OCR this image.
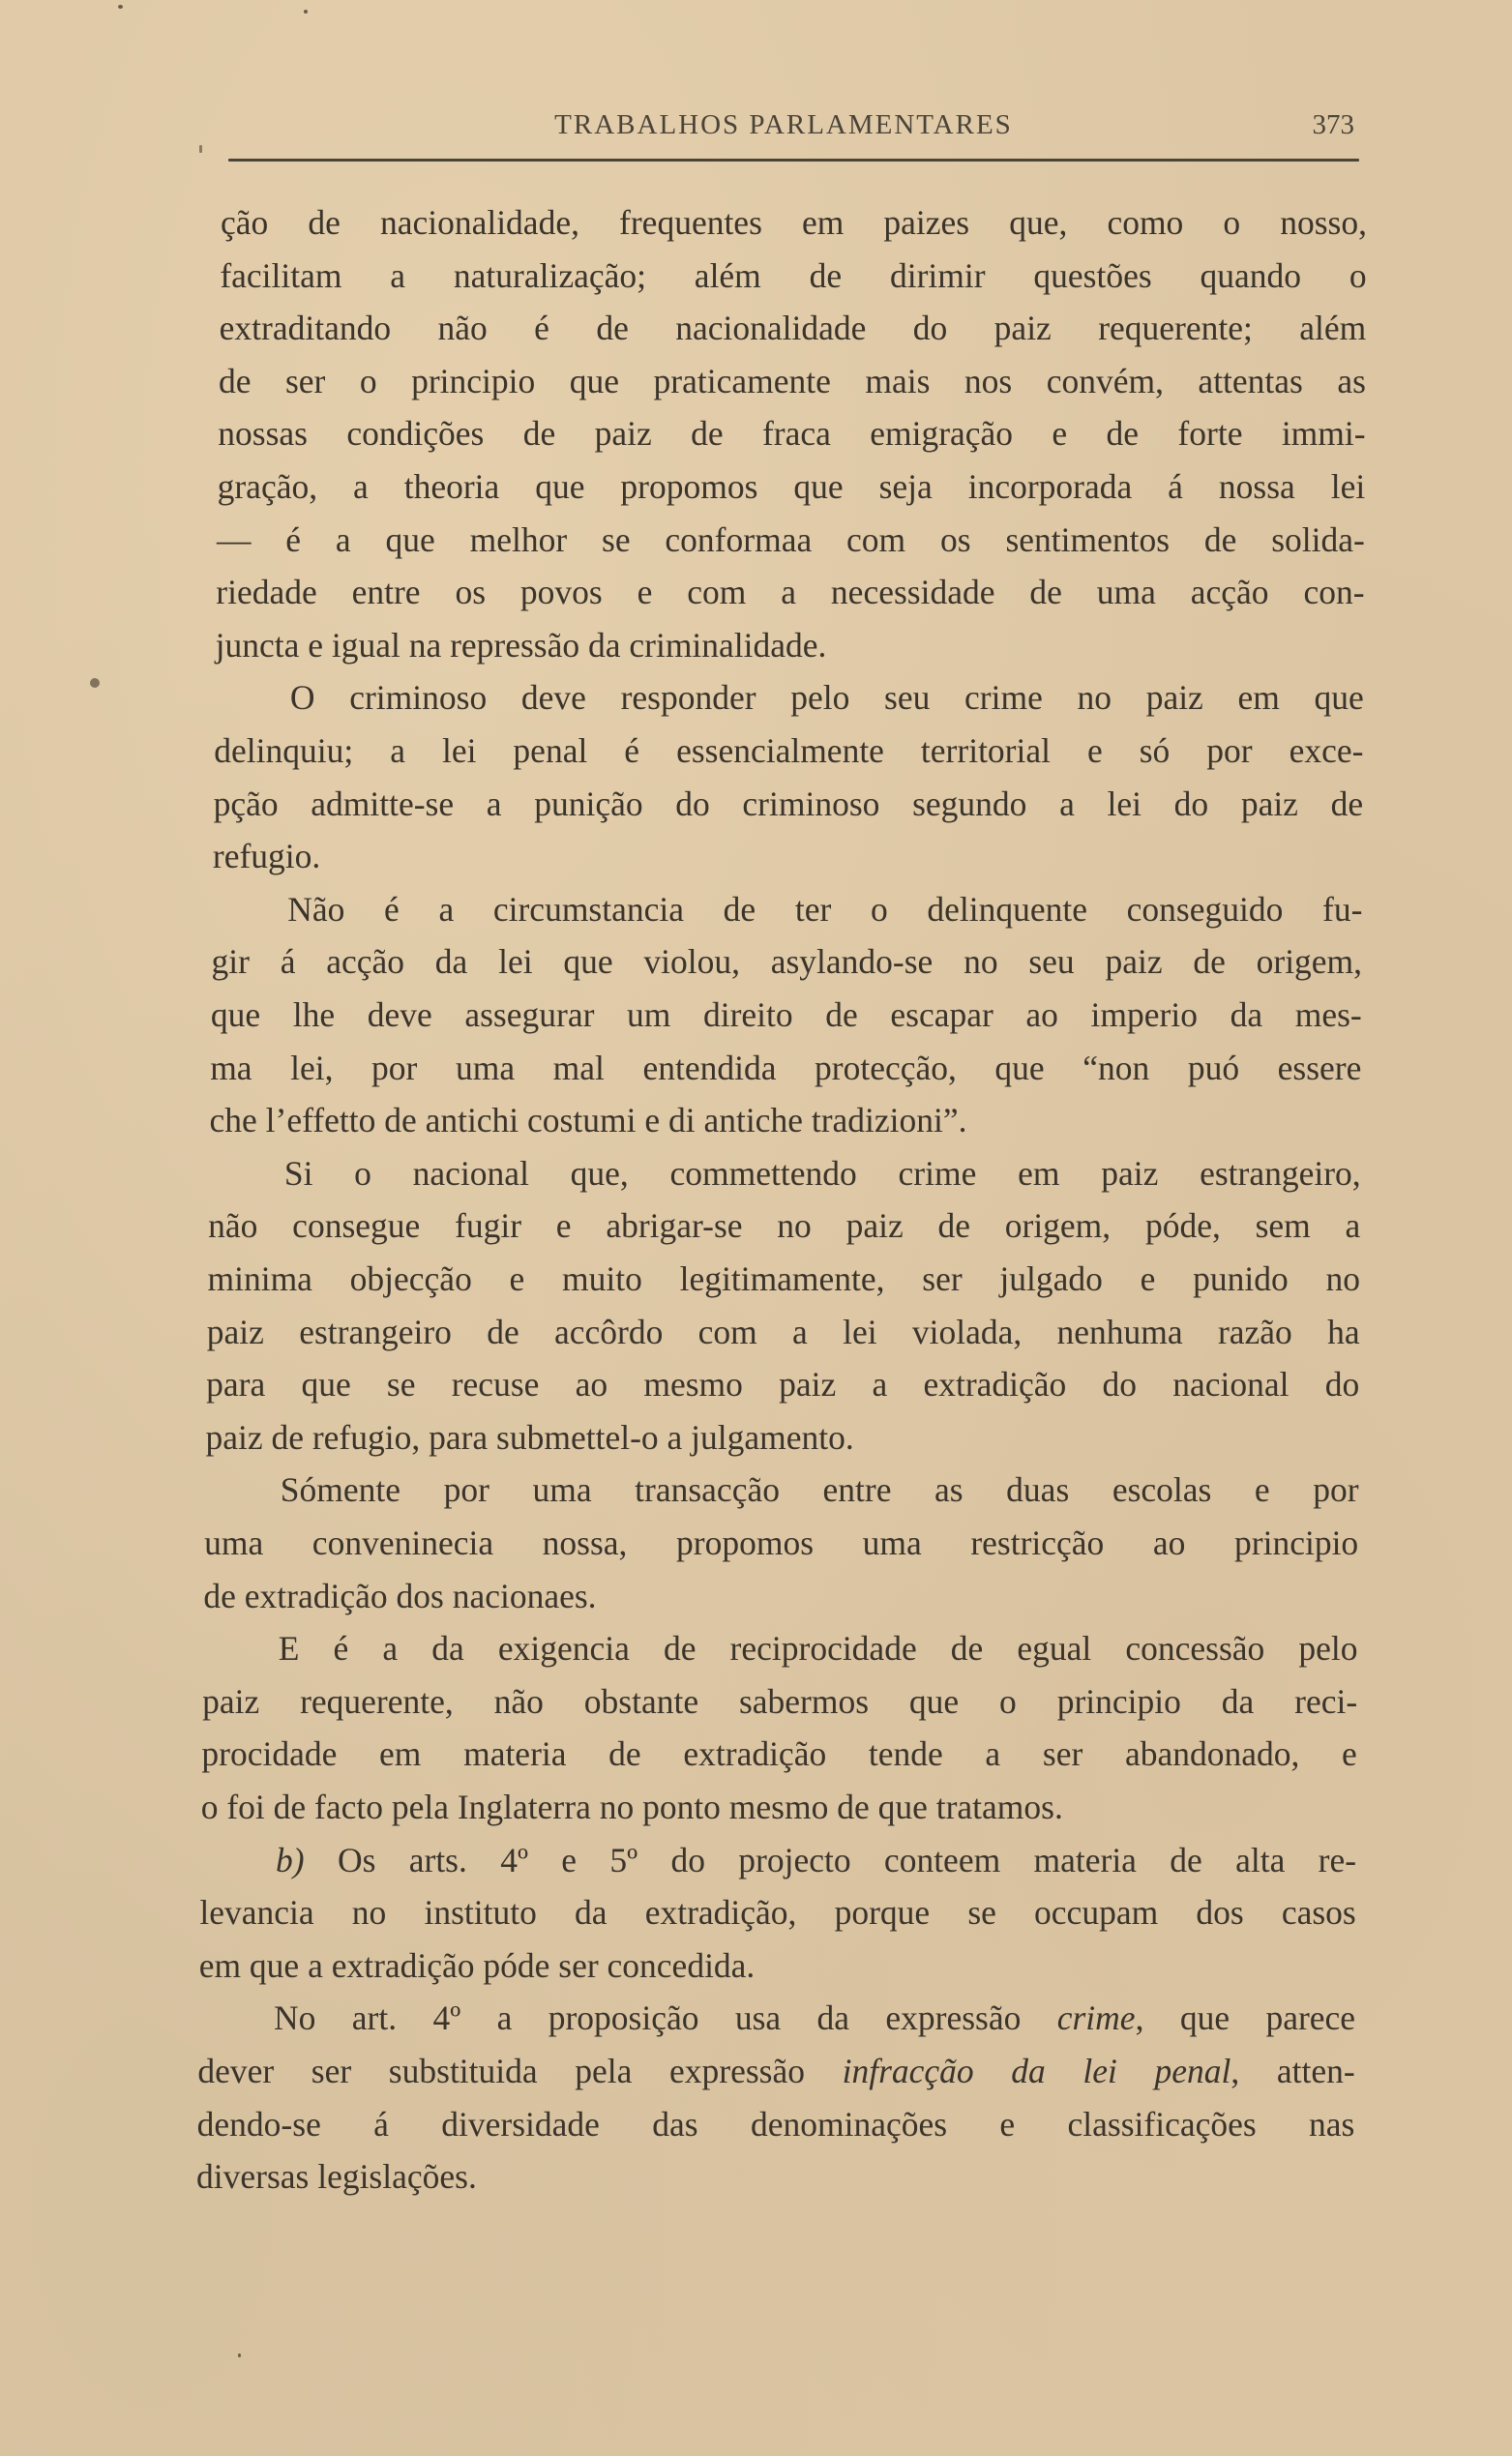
TRABALHOS PARLAMENTARES	373
ção de nacionalidade, frequentes em paizes que, como o nosso,
facilitam a naturalização; além de dirimir questões quando o
extraditando não é de nacionalidade do paiz requerente; além
de ser o principio que praticamente mais nos convém, attentas as
nossas condições de paiz de fraca emigração e de forte immi-
gração, a theoria que propomos que seja incorporada á nossa lei
— é a que melhor se conformaa com os sentimentos de solida-
riedade entre os povos e com a necessidade de uma acção con-
juncta e igual na repressão da criminalidade.
O criminoso deve responder pelo seu crime no paiz em que
delinquiu; a lei penal é essencialmente territorial e só por exce-
pção admitte-se a punição do criminoso segundo a lei do paiz de
refugio.
Não é a circumstancia de ter o delinquente conseguido fu-
gir á acção da lei que violou, asylando-se no seu paiz de origem,
que lhe deve assegurar um direito de escapar ao imperio da mes-
ma lei, por uma mal entendida protecção, que “non puó essere
che l’effetto de antichi costumi e di antiche tradizioni”.
Si o nacional que, commettendo crime em paiz estrangeiro,
não consegue fugir e abrigar-se no paiz de origem, póde, sem a
minima objecção e muito legitimamente, ser julgado e punido no
paiz estrangeiro de accôrdo com a lei violada, nenhuma razão ha
para que se recuse ao mesmo paiz a extradição do nacional do
paiz de refugio, para submettel-o a julgamento.
Sómente por uma transacção entre as duas escolas e por
uma conveninecia nossa, propomos uma restricção ao principio
de extradição dos nacionaes.
E é a da exigencia de reciprocidade de egual concessão pelo
paiz requerente, não obstante sabermos que o principio da reci-
procidade em materia de extradição tende a ser abandonado, e
o foi de facto pela Inglaterra no ponto mesmo de que tratamos.
b) Os arts. 4º e 5º do projecto conteem materia de alta re-
levancia no instituto da extradição, porque se occupam dos casos
em que a extradição póde ser concedida.
No art. 4º a proposição usa da expressão crime, que parece
dever ser substituida pela expressão infracção da lei penal, atten-
dendo-se á diversidade das denominações e classificações nas
diversas legislações.
